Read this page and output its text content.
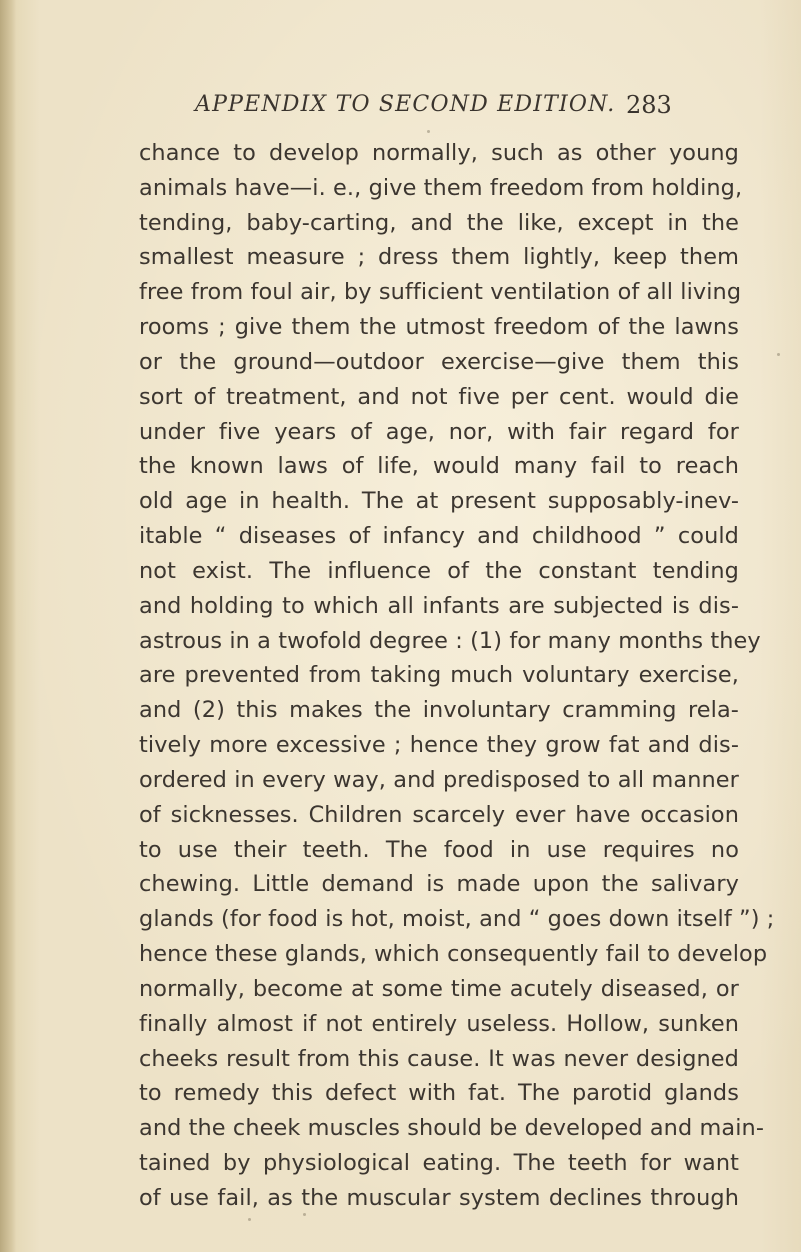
APPENDIX TO SECOND EDITION. 283
chance to develop normally, such as other young
animals have—i. e., give them freedom from holding,
tending, baby-carting, and the like, except in the
smallest measure ; dress them lightly, keep them
free from foul air, by sufficient ventilation of all living
rooms ; give them the utmost freedom of the lawns
or the ground—outdoor exercise—give them this
sort of treatment, and not five per cent. would die
under five years of age, nor, with fair regard for
the known laws of life, would many fail to reach
old age in health. The at present supposably-inev-
itable “ diseases of infancy and childhood ” could
not exist. The influence of the constant tending
and holding to which all infants are subjected is dis-
astrous in a twofold degree : (1) for many months they
are prevented from taking much voluntary exercise,
and (2) this makes the involuntary cramming rela-
tively more excessive ; hence they grow fat and dis-
ordered in every way, and predisposed to all manner
of sicknesses. Children scarcely ever have occasion
to use their teeth. The food in use requires no
chewing. Little demand is made upon the salivary
glands (for food is hot, moist, and “ goes down itself ”) ;
hence these glands, which consequently fail to develop
normally, become at some time acutely diseased, or
finally almost if not entirely useless. Hollow, sunken
cheeks result from this cause. It was never designed
to remedy this defect with fat. The parotid glands
and the cheek muscles should be developed and main-
tained by physiological eating. The teeth for want
of use fail, as the muscular system declines through
